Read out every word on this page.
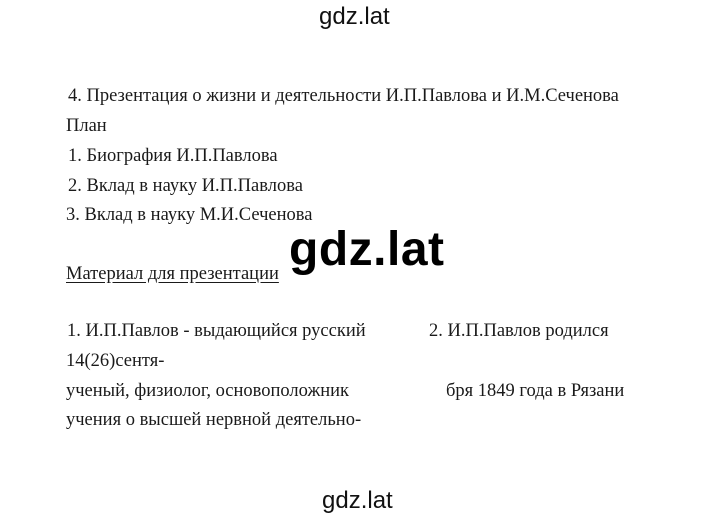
gdz.lat
4. Презентация о жизни и деятельности И.П.Павлова и И.М.Сеченова
План
1. Биография И.П.Павлова
2. Вклад в науку И.П.Павлова
3. Вклад в науку М.И.Сеченова
Материал для презентации
1. И.П.Павлов - выдающийся русский	2. И.П.Павлов родился
14(26)сентя-
ученый, физиолог, основоположник	бря 1849 года в Рязани
учения о высшей нервной деятельно-
gdz.lat
gdz.lat
